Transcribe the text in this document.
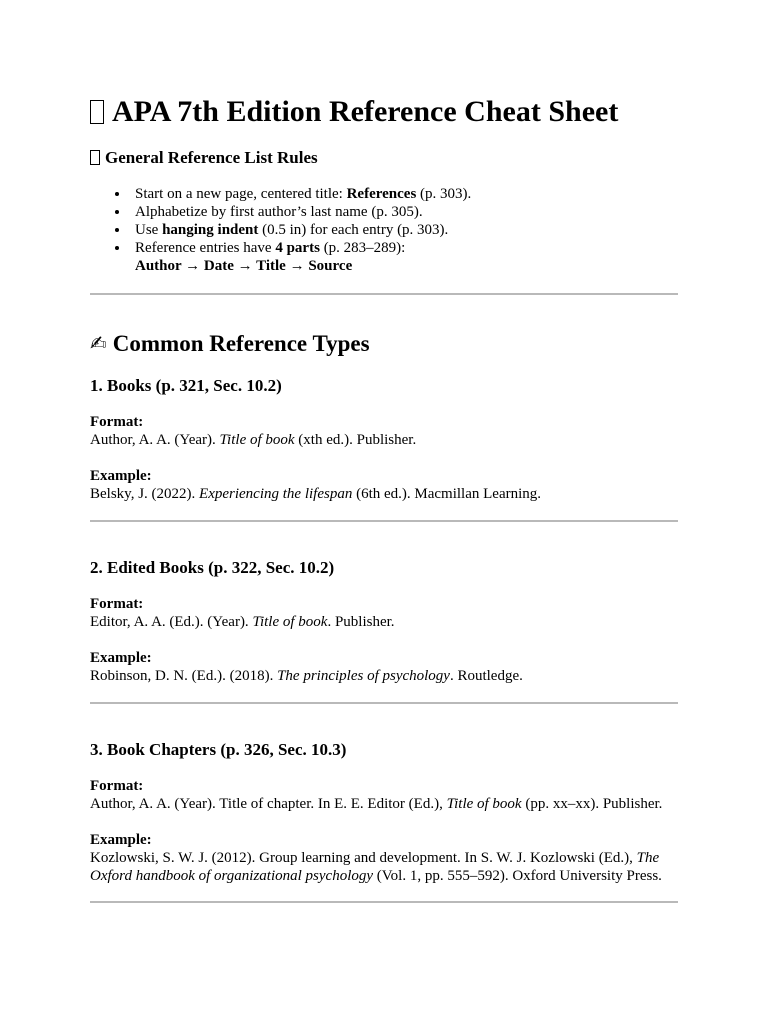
APA 7th Edition Reference Cheat Sheet
General Reference List Rules
Start on a new page, centered title: References (p. 303).
Alphabetize by first author’s last name (p. 305).
Use hanging indent (0.5 in) for each entry (p. 303).
Reference entries have 4 parts (p. 283–289):
Author → Date → Title → Source
✍ Common Reference Types
1. Books (p. 321, Sec. 10.2)

Format:

Author, A. A. (Year). Title of book (xth ed.). Publisher.

Example:

Belsky, J. (2022). Experiencing the lifespan (6th ed.). Macmillan Learning.

2. Edited Books (p. 322, Sec. 10.2)

Format:

Editor, A. A. (Ed.). (Year). Title of book. Publisher.

Example:

Robinson, D. N. (Ed.). (2018). The principles of psychology. Routledge.

3. Book Chapters (p. 326, Sec. 10.3)

Format:

Author, A. A. (Year). Title of chapter. In E. E. Editor (Ed.), Title of book (pp. xx–xx). Publisher.

Example:

Kozlowski, S. W. J. (2012). Group learning and development. In S. W. J. Kozlowski (Ed.), The Oxford handbook of organizational psychology (Vol. 1, pp. 555–592). Oxford University Press.
